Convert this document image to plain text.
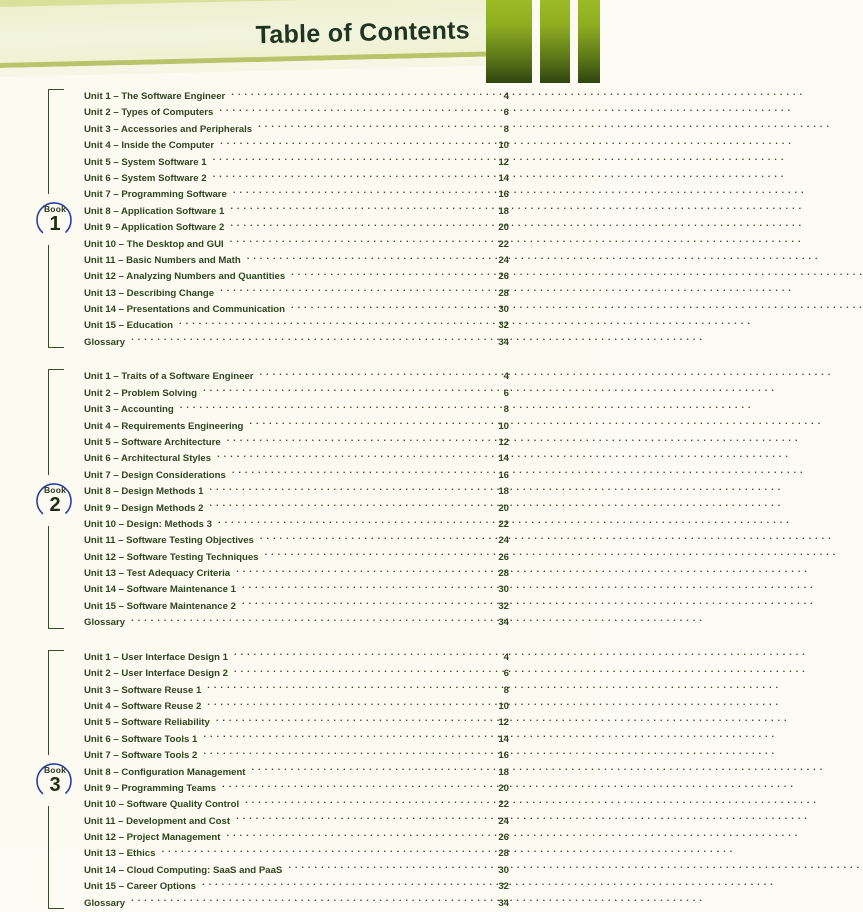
Table of Contents
Book
1
Unit 1 – The Software Engineer . . .	4
Unit 2 – Types of Computers . . .	6
Unit 3 – Accessories and Peripherals . . .	8
Unit 4 – Inside the Computer . . .	10
Unit 5 – System Software 1 . . .	12
Unit 6 – System Software 2 . . .	14
Unit 7 – Programming Software . . .	16
Unit 8 – Application Software 1 . . .	18
Unit 9 – Application Software 2 . . .	20
Unit 10 – The Desktop and GUI . . .	22
Unit 11 – Basic Numbers and Math . . .	24
Unit 12 – Analyzing Numbers and Quantities . . .	26
Unit 13 – Describing Change . . .	28
Unit 14 – Presentations and Communication . . .	30
Unit 15 – Education . . .	32
Glossary . . .	34
Book
2
Unit 1 – Traits of a Software Engineer . . .	4
Unit 2 – Problem Solving . . .	6
Unit 3 – Accounting . . .	8
Unit 4 – Requirements Engineering . . .	10
Unit 5 – Software Architecture . . .	12
Unit 6 – Architectural Styles . . .	14
Unit 7 – Design Considerations . . .	16
Unit 8 – Design Methods 1 . . .	18
Unit 9 – Design Methods 2 . . .	20
Unit 10 – Design: Methods 3 . . .	22
Unit 11 – Software Testing Objectives . . .	24
Unit 12 – Software Testing Techniques . . .	26
Unit 13 – Test Adequacy Criteria . . .	28
Unit 14 – Software Maintenance 1 . . .	30
Unit 15 – Software Maintenance 2 . . .	32
Glossary . . .	34
Book
3
Unit 1 – User Interface Design 1 . . .	4
Unit 2 – User Interface Design 2 . . .	6
Unit 3 – Software Reuse 1 . . .	8
Unit 4 – Software Reuse 2 . . .	10
Unit 5 – Software Reliability . . .	12
Unit 6 – Software Tools 1 . . .	14
Unit 7 – Software Tools 2 . . .	16
Unit 8 – Configuration Management . . .	18
Unit 9 – Programming Teams . . .	20
Unit 10 – Software Quality Control . . .	22
Unit 11 – Development and Cost . . .	24
Unit 12 – Project Management . . .	26
Unit 13 – Ethics . . .	28
Unit 14 – Cloud Computing: SaaS and PaaS . . .	30
Unit 15 – Career Options . . .	32
Glossary . . .	34
